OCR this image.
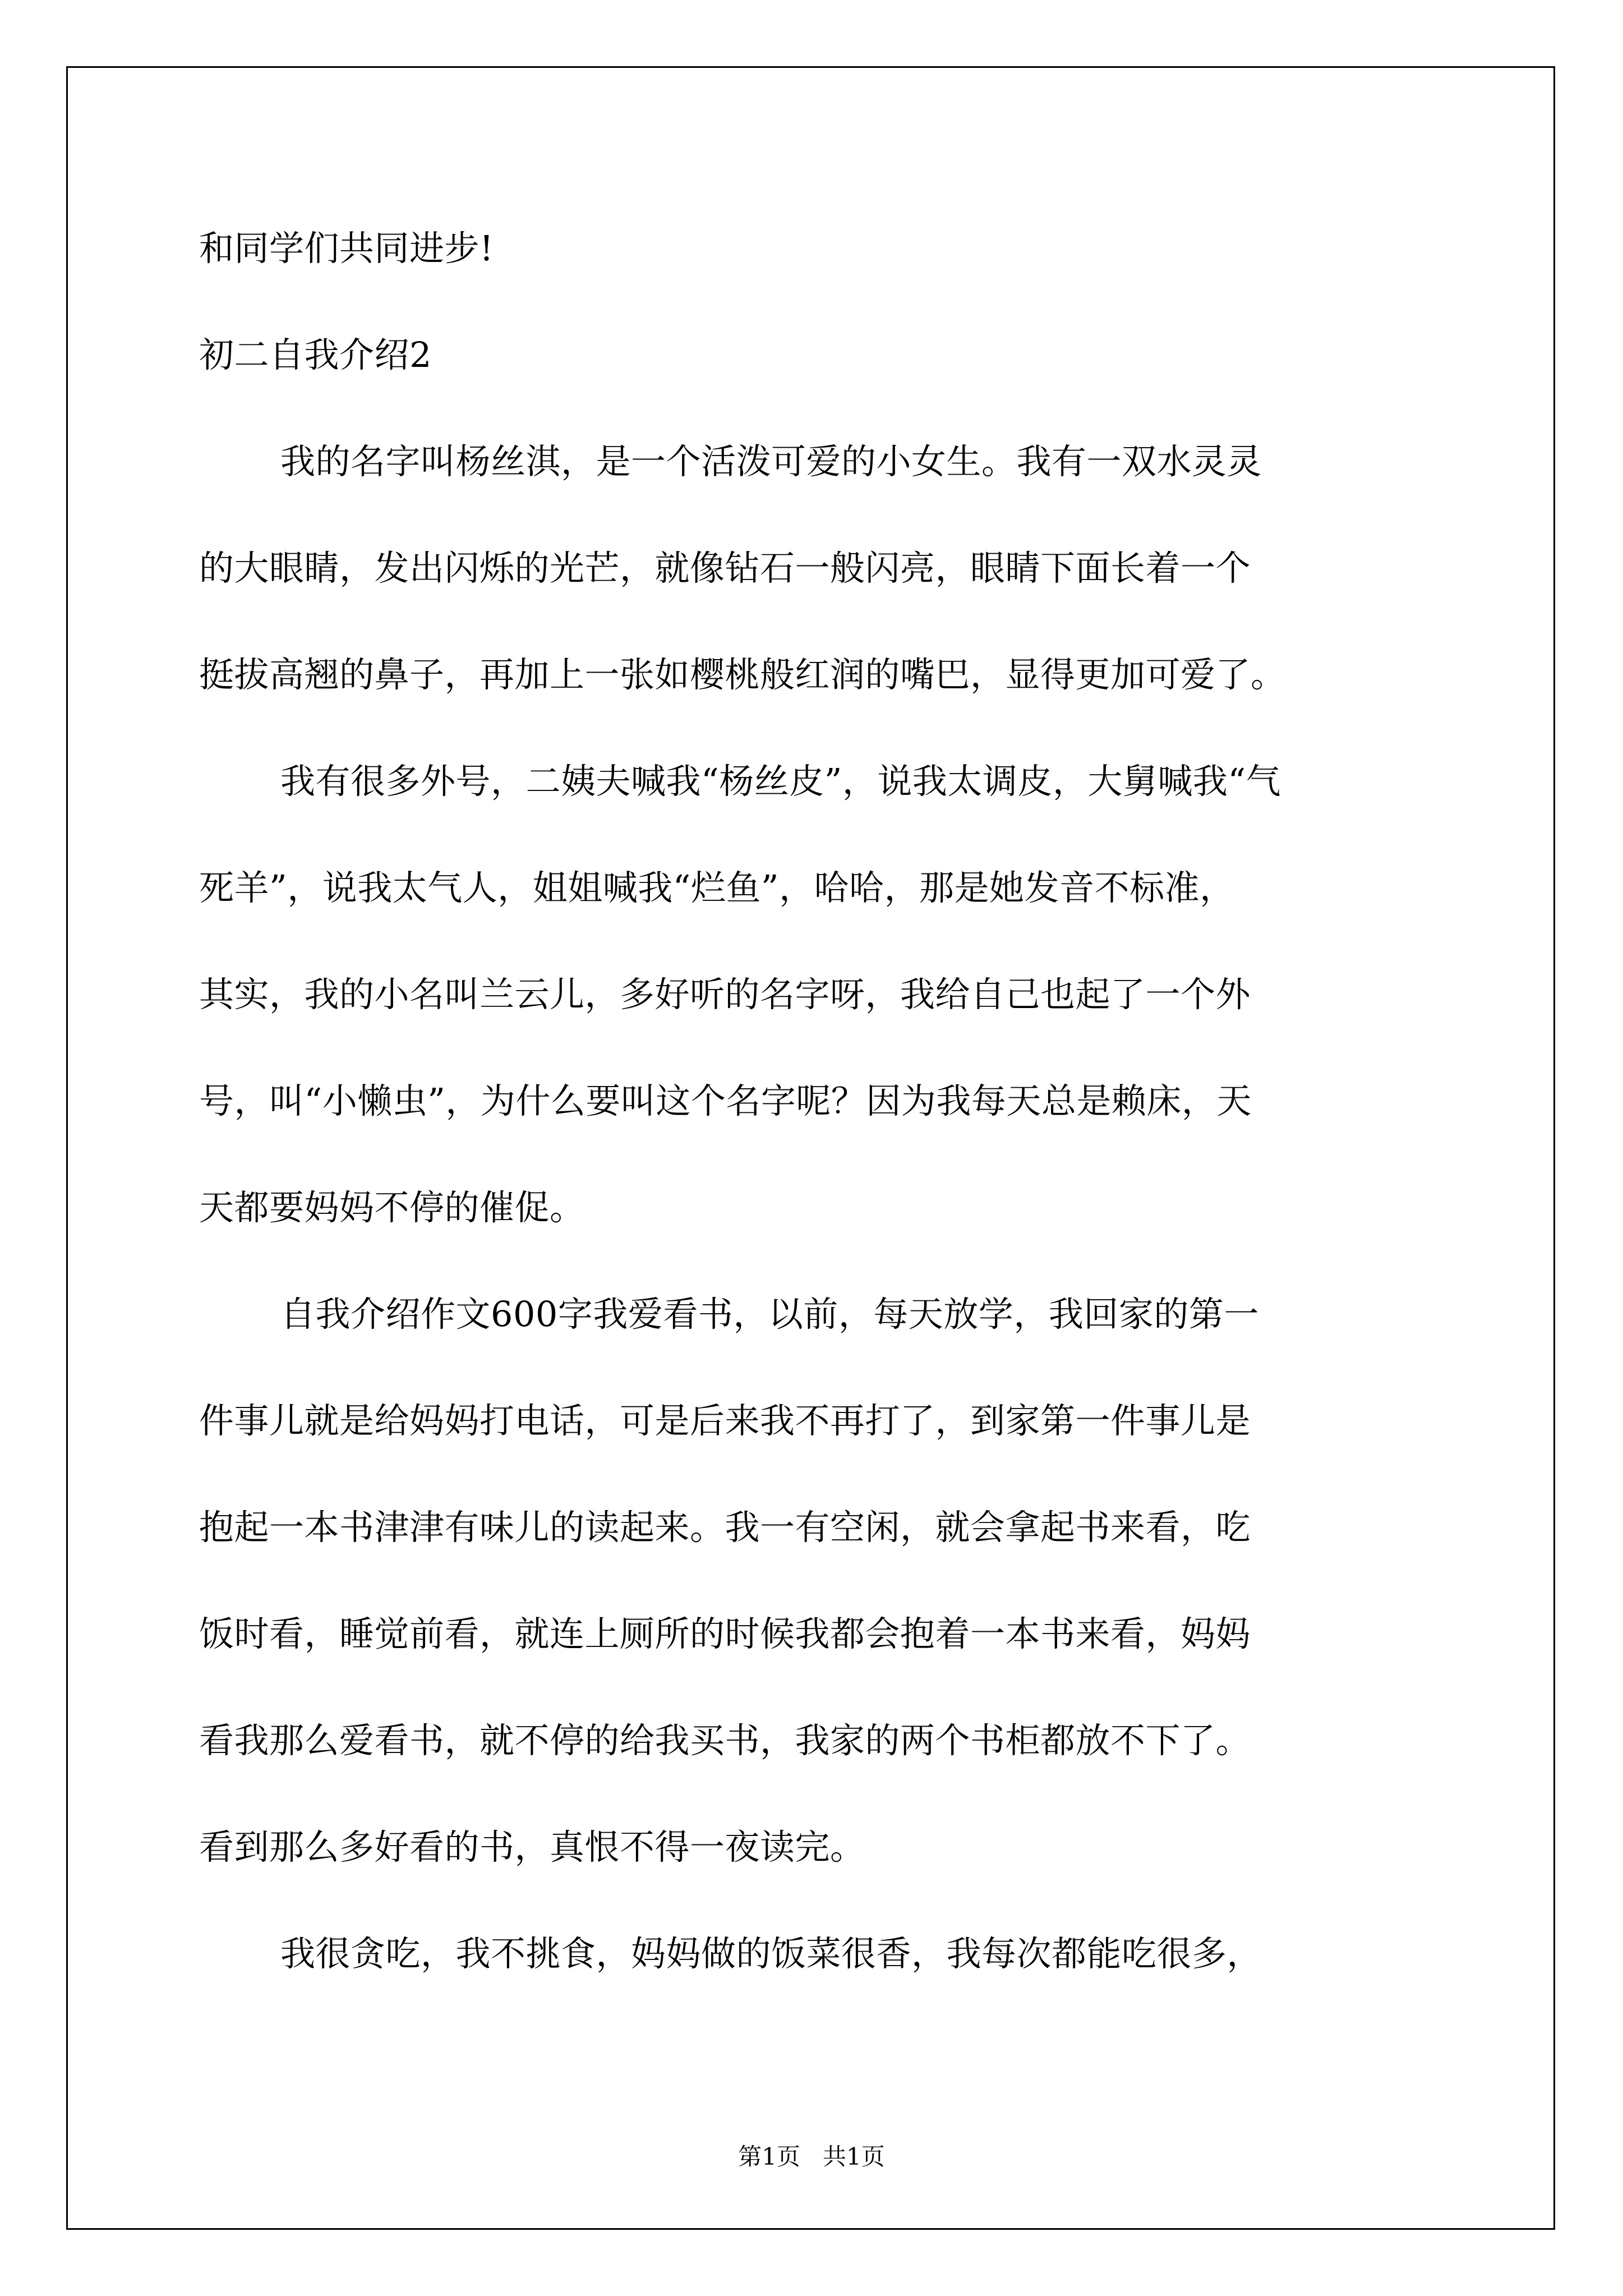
和同学们共同进步!
初二自我介绍2
我的名字叫杨丝淇，是一个活泼可爱的小女生。我有一双水灵灵
的大眼睛，发出闪烁的光芒，就像钻石一般闪亮，眼睛下面长着一个
挺拔高翘的鼻子，再加上一张如樱桃般红润的嘴巴，显得更加可爱了。
我有很多外号，二姨夫喊我“杨丝皮”，说我太调皮，大舅喊我“气
死羊”，说我太气人，姐姐喊我“烂鱼”，哈哈，那是她发音不标准，
其实，我的小名叫兰云儿，多好听的名字呀，我给自己也起了一个外
号，叫“小懒虫”，为什么要叫这个名字呢？因为我每天总是赖床，天
天都要妈妈不停的催促。
自我介绍作文600字我爱看书，以前，每天放学，我回家的第一
件事儿就是给妈妈打电话，可是后来我不再打了，到家第一件事儿是
抱起一本书津津有味儿的读起来。我一有空闲，就会拿起书来看，吃
饭时看，睡觉前看，就连上厕所的时候我都会抱着一本书来看，妈妈
看我那么爱看书，就不停的给我买书，我家的两个书柜都放不下了。
看到那么多好看的书，真恨不得一夜读完。
我很贪吃，我不挑食，妈妈做的饭菜很香，我每次都能吃很多，
第1页   共1页
